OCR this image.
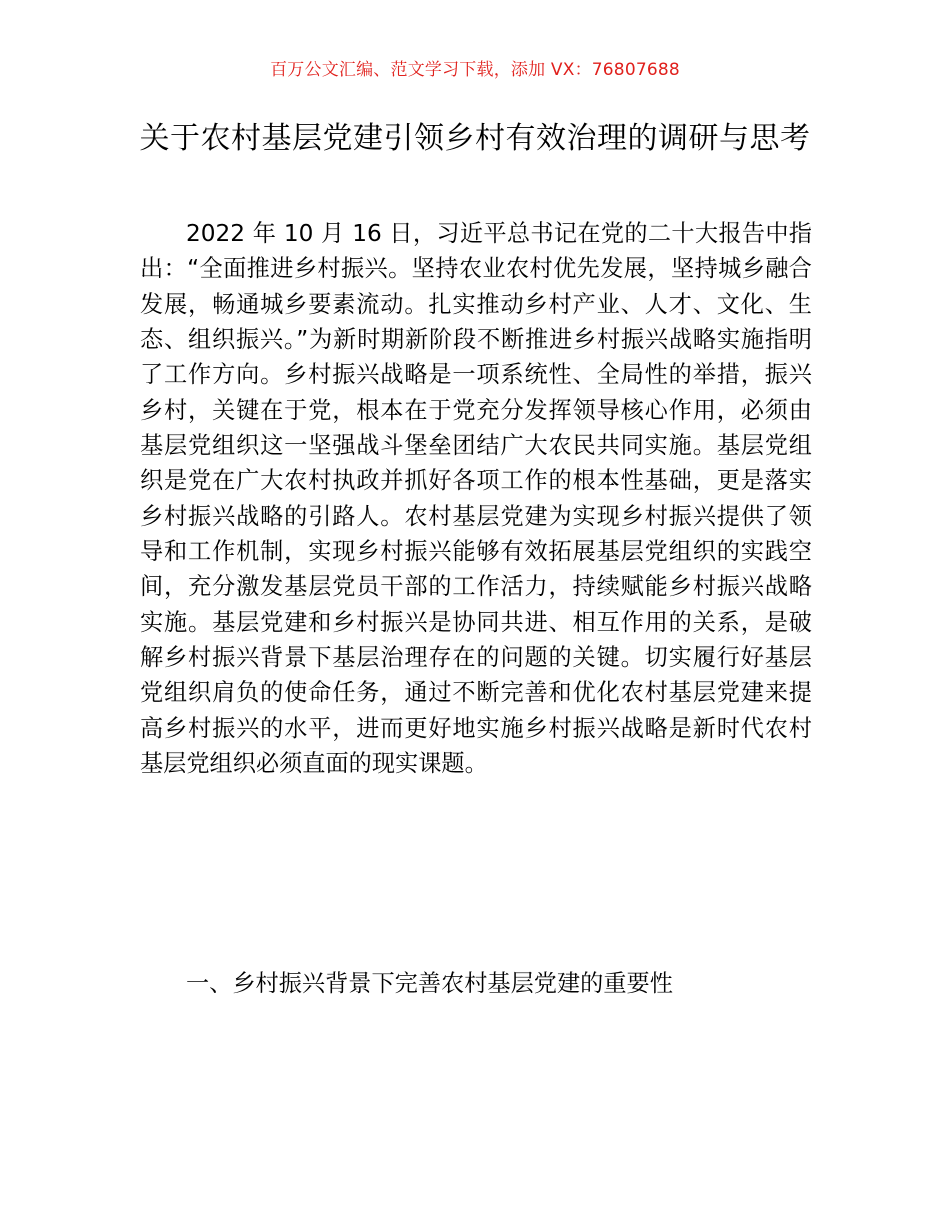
百万公文汇编、范文学习下载，添加 VX：76807688
关于农村基层党建引领乡村有效治理的调研与思考
2022 年 10 月 16 日，习近平总书记在党的二十大报告中指出：“全面推进乡村振兴。坚持农业农村优先发展，坚持城乡融合发展，畅通城乡要素流动。扎实推动乡村产业、人才、文化、生态、组织振兴。”为新时期新阶段不断推进乡村振兴战略实施指明了工作方向。乡村振兴战略是一项系统性、全局性的举措，振兴乡村，关键在于党，根本在于党充分发挥领导核心作用，必须由基层党组织这一坚强战斗堡垒团结广大农民共同实施。基层党组织是党在广大农村执政并抓好各项工作的根本性基础，更是落实乡村振兴战略的引路人。农村基层党建为实现乡村振兴提供了领导和工作机制，实现乡村振兴能够有效拓展基层党组织的实践空间，充分激发基层党员干部的工作活力，持续赋能乡村振兴战略实施。基层党建和乡村振兴是协同共进、相互作用的关系，是破解乡村振兴背景下基层治理存在的问题的关键。切实履行好基层党组织肩负的使命任务，通过不断完善和优化农村基层党建来提高乡村振兴的水平，进而更好地实施乡村振兴战略是新时代农村基层党组织必须直面的现实课题。
一、乡村振兴背景下完善农村基层党建的重要性
